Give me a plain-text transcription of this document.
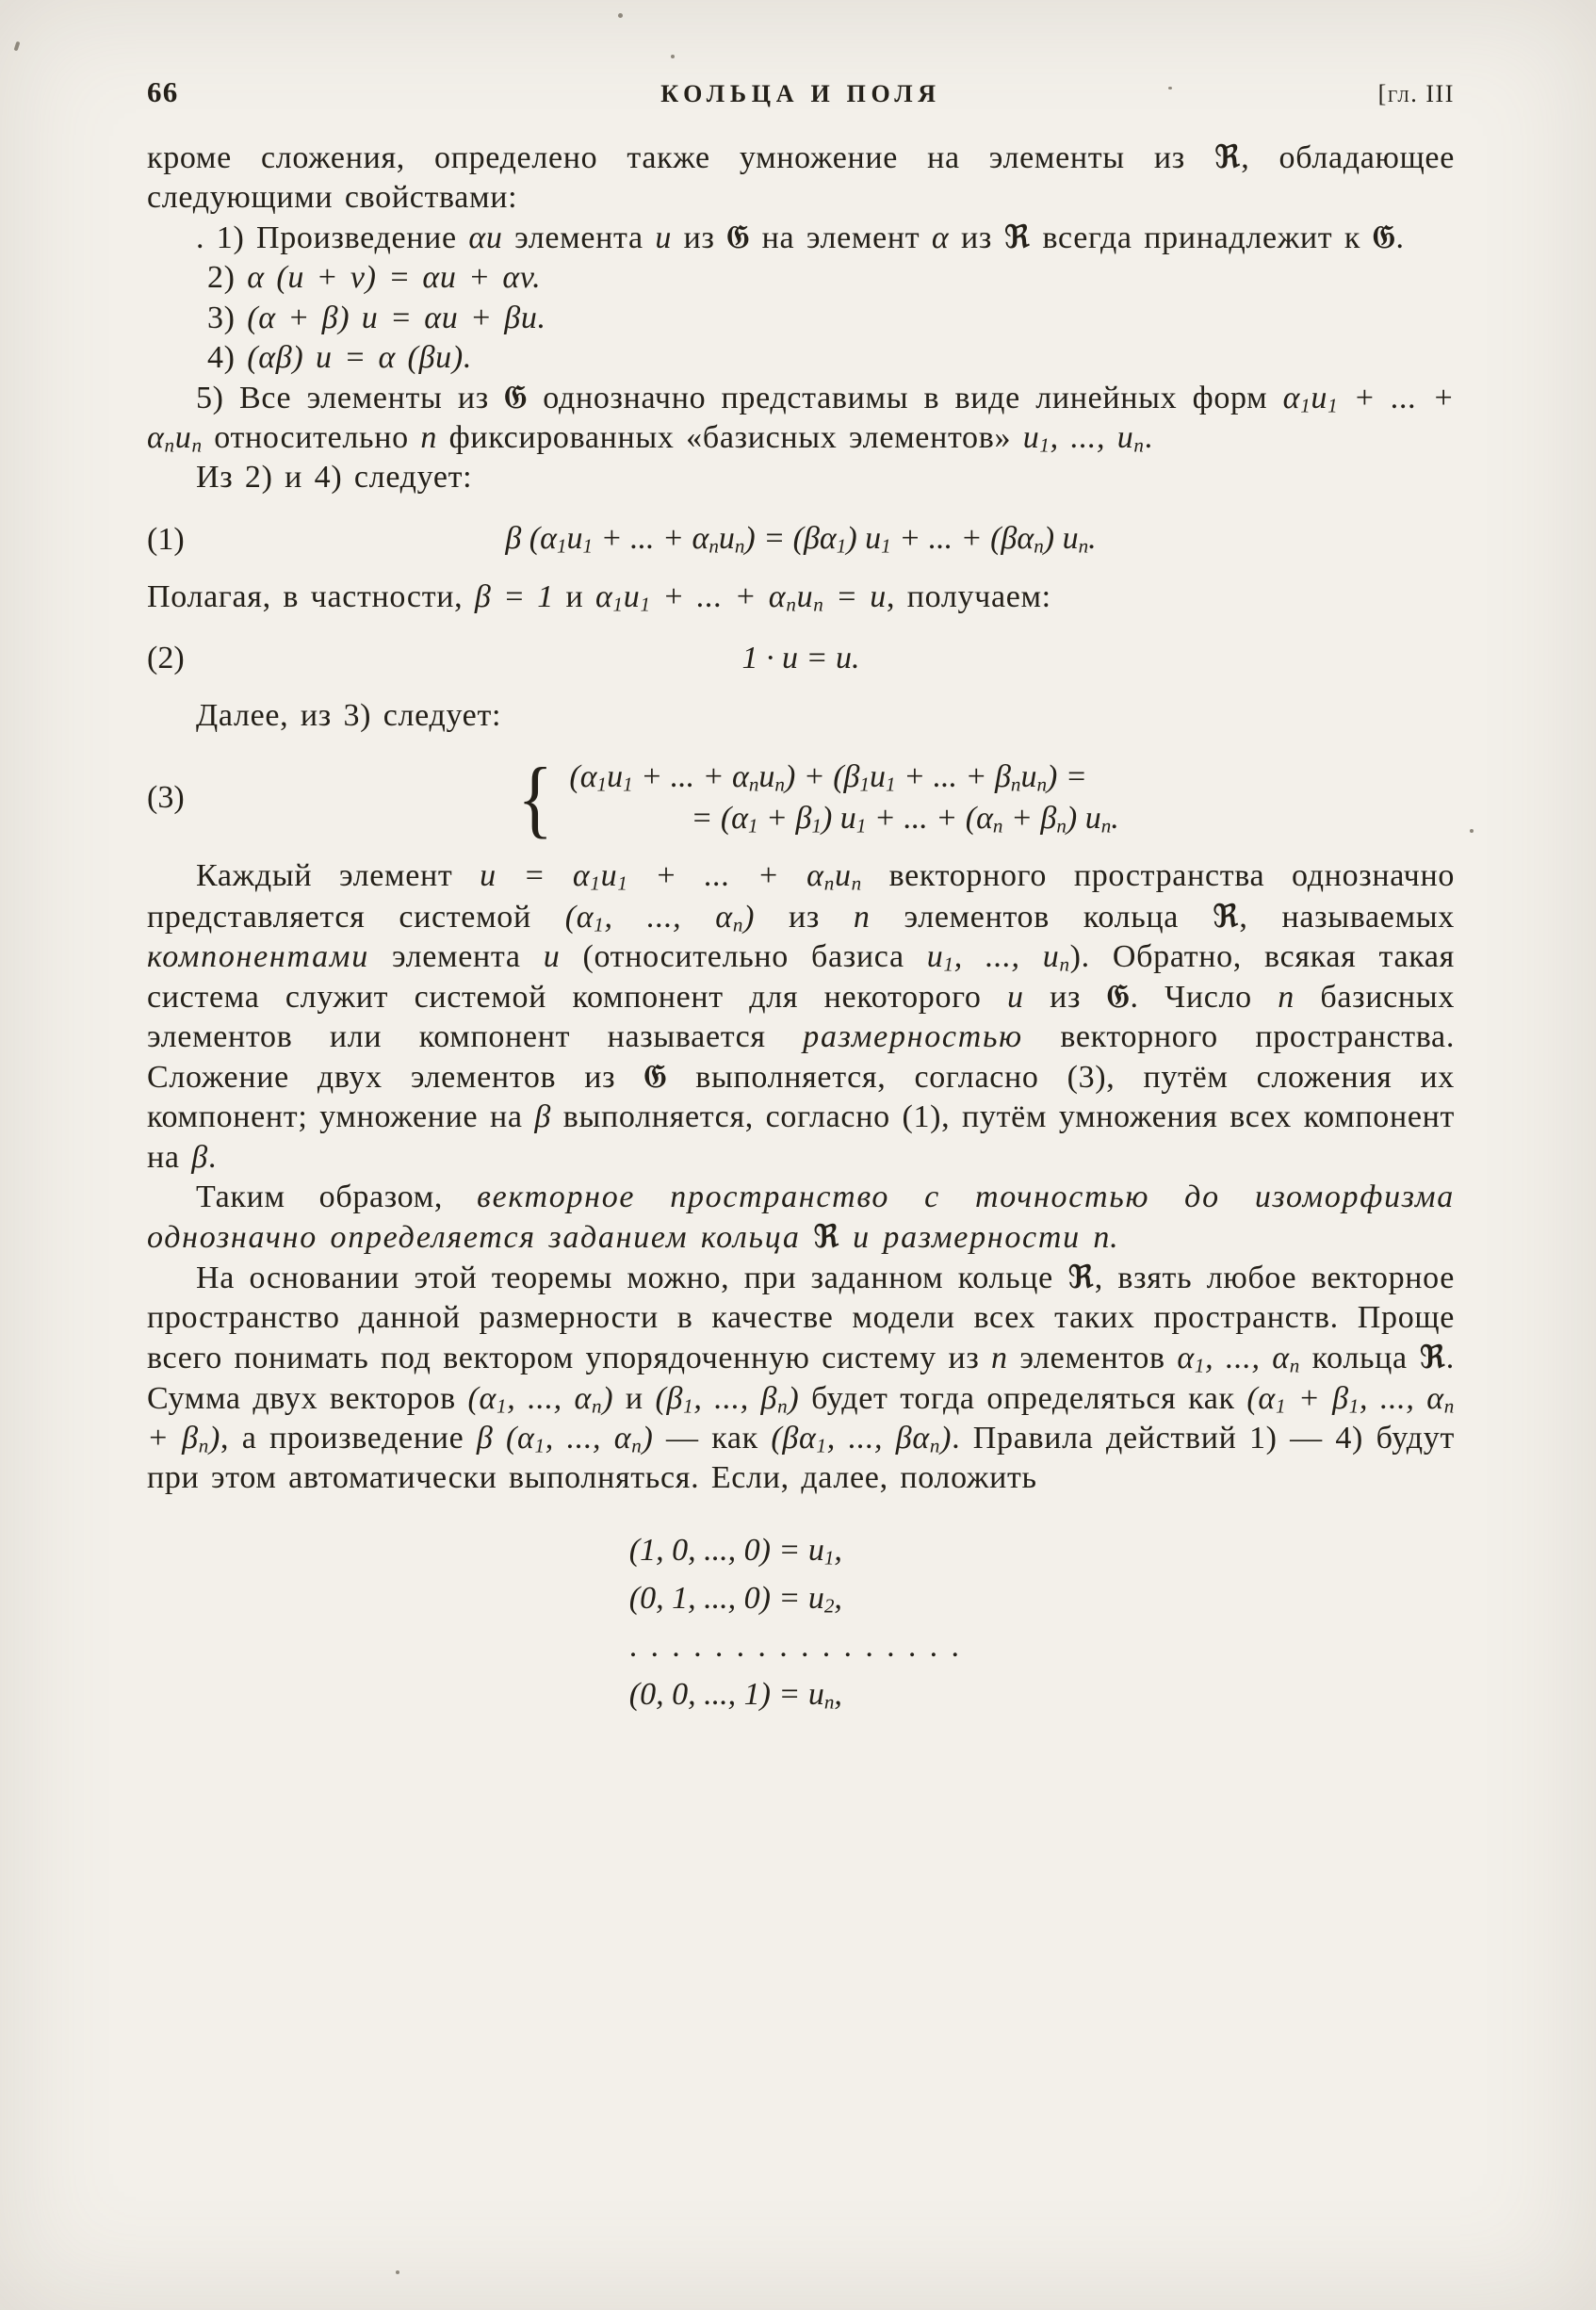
66	КОЛЬЦА И ПОЛЯ	[гл. III

кроме сложения, определено также умножение на элементы из ℜ, обладающее следующими свойствами:

. 1) Произведение αu элемента u из 𝔊 на элемент α из ℜ всегда принадлежит к 𝔊.

2) α (u + v) = αu + αv.

3) (α + β) u = αu + βu.

4) (αβ) u = α (βu).

5) Все элементы из 𝔊 однозначно представимы в виде линейных форм $\alpha_1u_1$ + ... + $\alpha_nu_n$ относительно n фиксированных «базисных элементов» $u_1$, ..., $u_n$.

Из 2) и 4) следует:

(1)	β ($\alpha_1u_1$ + ... + $\alpha_nu_n) = (\beta\alpha_1)$ $u_1$ + ... + $(\beta\alpha_n)$ $u_n$.

Полагая, в частности, β = 1 и $\alpha_1u_1$ + ... + $\alpha_nu_n = u$, получаем:

(2)	1 · u = u.

Далее, из 3) следует:

(3)	{ ($\alpha_1u_1$ + ... + $\alpha_nu_n) + (\beta_1u_1$ + ... + $\beta_nu_n$) =
= $(\alpha_1 + \beta_1) u_1$ + ... + $(\alpha_n + \beta_n)$ $u_n$.

Каждый элемент $u = \alpha_1u_1$ + ... + $\alpha_nu_n$ векторного пространства однозначно представляется системой ($\alpha_1$, ..., $\alpha_n$) из n элементов кольца ℜ, называемых компонентами элемента u (относительно базиса $u_1$, ..., $u_n$). Обратно, всякая такая система служит системой компонент для некоторого u из 𝔊. Число n базисных элементов или компонент называется размерностью векторного пространства. Сложение двух элементов из 𝔊 выполняется, согласно (3), путём сложения их компонент; умножение на β выполняется, согласно (1), путём умножения всех компонент на β.

Таким образом, векторное пространство с точностью до изоморфизма однозначно определяется заданием кольца ℜ и размерности n.

На основании этой теоремы можно, при заданном кольце ℜ, взять любое векторное пространство данной размерности в качестве модели всех таких пространств. Проще всего понимать под вектором упорядоченную систему из n элементов $\alpha_1$, ..., $\alpha_n$ кольца ℜ. Сумма двух векторов ($\alpha_1$, ..., $\alpha_n$) и ($\beta_1$, ..., $\beta_n$) будет тогда определяться как ($\alpha_1 + \beta_1$, ..., $\alpha_n + \beta_n$), а произведение β ($\alpha_1$, ..., $\alpha_n$) — как ($\beta\alpha_1$, ..., $\beta\alpha_n$). Правила действий 1) — 4) будут при этом автоматически выполняться. Если, далее, положить

(1, 0, ..., $0) = u_1$,
(0, 1, ..., $0) = u_2$,
................
(0, 0, ..., $1) = u_n$,
